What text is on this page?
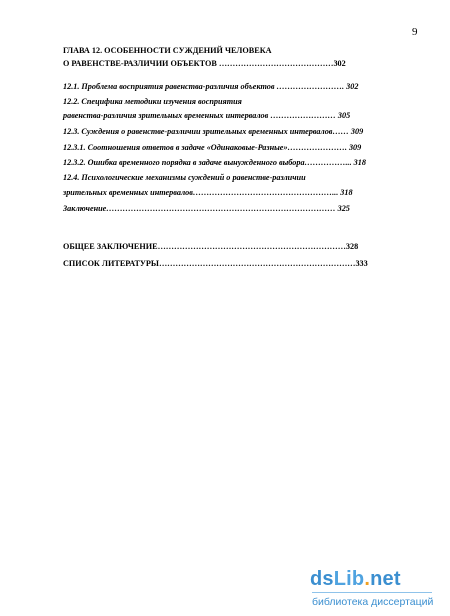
9
ГЛАВА 12. ОСОБЕННОСТИ СУЖДЕНИЙ ЧЕЛОВЕКА
О РАВЕНСТВЕ-РАЗЛИЧИИ ОБЪЕКТОВ ……………………………………302
12.1. Проблема восприятия равенства-различия объектов ……………………. 302
12.2. Специфика методики изучения восприятия
равенства-различия зрительных временных интервалов …………………… 305
12.3. Суждения о равенстве-различии зрительных временных интервалов…… 309
12.3.1. Соотношения ответов в задаче «Одинаковые-Разные»…………………. 309
12.3.2. Ошибка временного порядка в задаче вынужденного выбора……………... 318
12.4. Психологические механизмы суждений о равенстве-различии
зрительных временных интервалов……………………………………………... 318
Заключение………………………………………………………………………… 325
ОБЩЕЕ ЗАКЛЮЧЕНИЕ……………………………………………………………328
СПИСОК ЛИТЕРАТУРЫ………………………………………………………………333
dsLib.net
библиотека диссертаций
